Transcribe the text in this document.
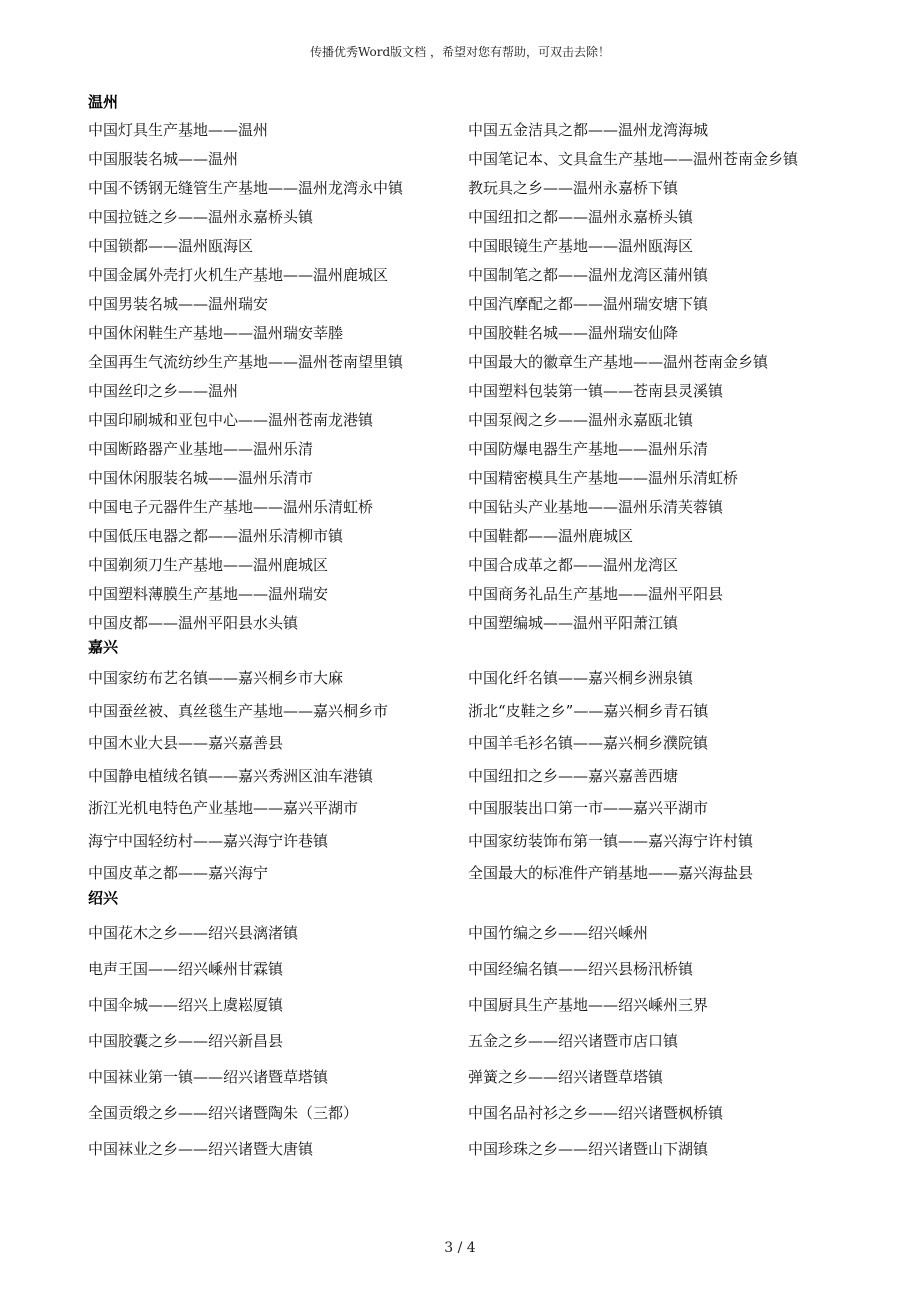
传播优秀Word版文档 ，希望对您有帮助，可双击去除！
温州
中国灯具生产基地——温州	中国五金洁具之都——温州龙湾海城
中国服装名城——温州	中国笔记本、文具盒生产基地——温州苍南金乡镇
中国不锈钢无缝管生产基地——温州龙湾永中镇	教玩具之乡——温州永嘉桥下镇
中国拉链之乡——温州永嘉桥头镇	中国纽扣之都——温州永嘉桥头镇
中国锁都——温州瓯海区	中国眼镜生产基地——温州瓯海区
中国金属外壳打火机生产基地——温州鹿城区	中国制笔之都——温州龙湾区蒲州镇
中国男装名城——温州瑞安	中国汽摩配之都——温州瑞安塘下镇
中国休闲鞋生产基地——温州瑞安莘塍	中国胶鞋名城——温州瑞安仙降
全国再生气流纺纱生产基地——温州苍南望里镇	中国最大的徽章生产基地——温州苍南金乡镇
中国丝印之乡——温州	中国塑料包装第一镇——苍南县灵溪镇
中国印刷城和亚包中心——温州苍南龙港镇	中国泵阀之乡——温州永嘉瓯北镇
中国断路器产业基地——温州乐清	中国防爆电器生产基地——温州乐清
中国休闲服装名城——温州乐清市	中国精密模具生产基地——温州乐清虹桥
中国电子元器件生产基地——温州乐清虹桥	中国钻头产业基地——温州乐清芙蓉镇
中国低压电器之都——温州乐清柳市镇	中国鞋都——温州鹿城区
中国剃须刀生产基地——温州鹿城区	中国合成革之都——温州龙湾区
中国塑料薄膜生产基地——温州瑞安	中国商务礼品生产基地——温州平阳县
中国皮都——温州平阳县水头镇	中国塑编城——温州平阳萧江镇
嘉兴
中国家纺布艺名镇——嘉兴桐乡市大麻	中国化纤名镇——嘉兴桐乡洲泉镇
中国蚕丝被、真丝毯生产基地——嘉兴桐乡市	浙北“皮鞋之乡”——嘉兴桐乡青石镇
中国木业大县——嘉兴嘉善县	中国羊毛衫名镇——嘉兴桐乡濮院镇
中国静电植绒名镇——嘉兴秀洲区油车港镇	中国纽扣之乡——嘉兴嘉善西塘
浙江光机电特色产业基地——嘉兴平湖市	中国服装出口第一市——嘉兴平湖市
海宁中国轻纺村——嘉兴海宁许巷镇	中国家纺装饰布第一镇——嘉兴海宁许村镇
中国皮革之都——嘉兴海宁	全国最大的标准件产销基地——嘉兴海盐县
绍兴
中国花木之乡——绍兴县漓渚镇	中国竹编之乡——绍兴嵊州
电声王国——绍兴嵊州甘霖镇	中国经编名镇——绍兴县杨汛桥镇
中国伞城——绍兴上虞崧厦镇	中国厨具生产基地——绍兴嵊州三界
中国胶囊之乡——绍兴新昌县	五金之乡——绍兴诸暨市店口镇
中国袜业第一镇——绍兴诸暨草塔镇	弹簧之乡——绍兴诸暨草塔镇
全国贡缎之乡——绍兴诸暨陶朱（三都）	中国名品衬衫之乡——绍兴诸暨枫桥镇
中国袜业之乡——绍兴诸暨大唐镇	中国珍珠之乡——绍兴诸暨山下湖镇
3 / 4
